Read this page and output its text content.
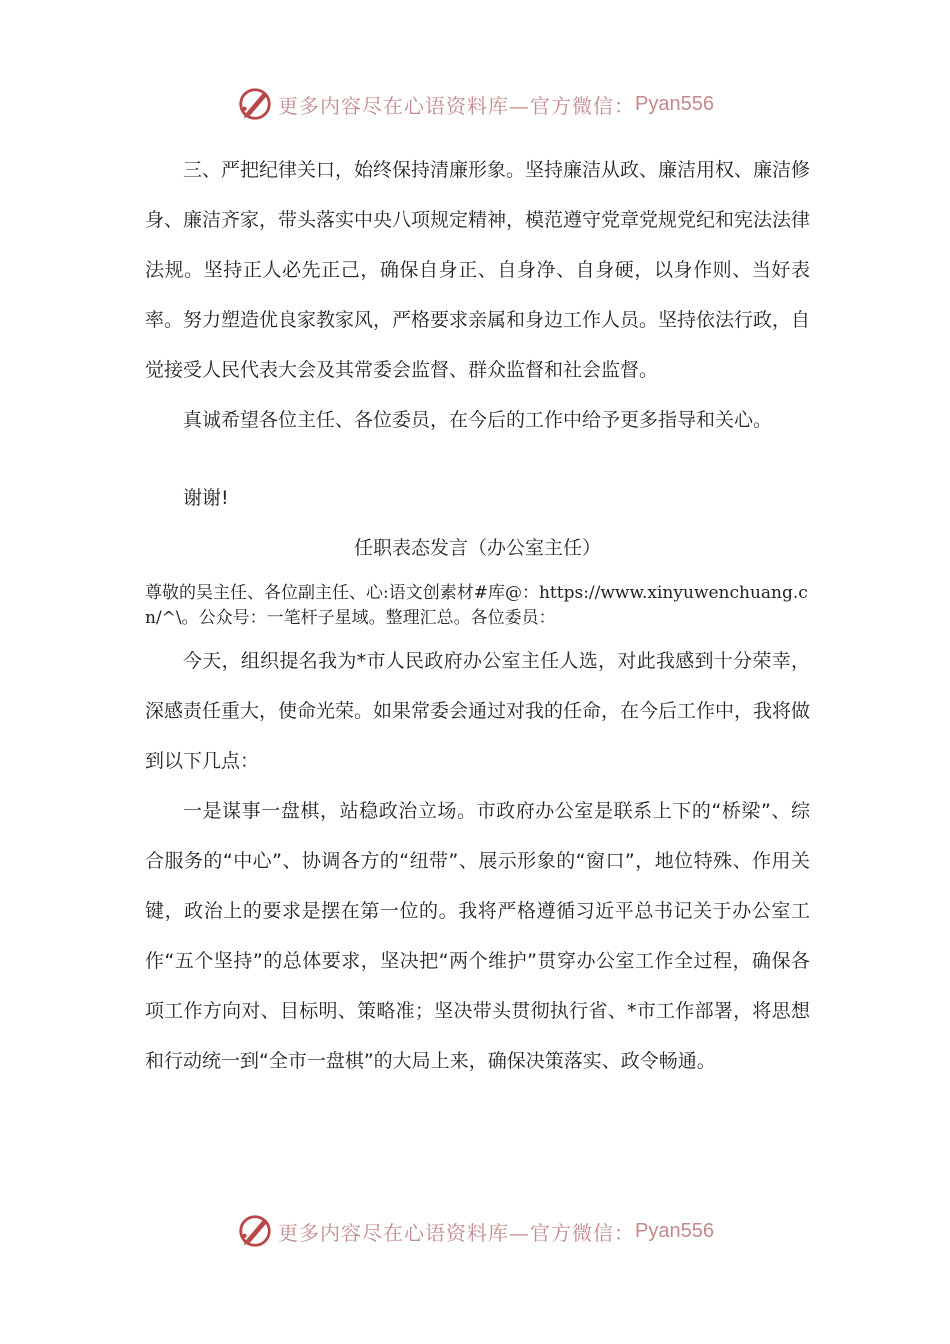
更多内容尽在心语资料库—官方微信： Pyan556

三、严把纪律关口，始终保持清廉形象。坚持廉洁从政、廉洁用权、廉洁修身、廉洁齐家，带头落实中央八项规定精神，模范遵守党章党规党纪和宪法法律法规。坚持正人必先正己，确保自身正、自身净、自身硬，以身作则、当好表率。努力塑造优良家教家风，严格要求亲属和身边工作人员。坚持依法行政，自觉接受人民代表大会及其常委会监督、群众监督和社会监督。

真诚希望各位主任、各位委员，在今后的工作中给予更多指导和关心。

谢谢!

任职表态发言（办公室主任）

尊敬的吴主任、各位副主任、心:语文创素材#库@：https://www.xinyuwenchuang.cn/^\。公众号：一笔杆子星域。整理汇总。各位委员：

今天，组织提名我为*市人民政府办公室主任人选，对此我感到十分荣幸，深感责任重大，使命光荣。如果常委会通过对我的任命，在今后工作中，我将做到以下几点：

一是谋事一盘棋，站稳政治立场。市政府办公室是联系上下的“桥梁”、综合服务的“中心”、协调各方的“纽带”、展示形象的“窗口”，地位特殊、作用关键，政治上的要求是摆在第一位的。我将严格遵循习近平总书记关于办公室工作“五个坚持”的总体要求，坚决把“两个维护”贯穿办公室工作全过程，确保各项工作方向对、目标明、策略准；坚决带头贯彻执行省、*市工作部署，将思想和行动统一到“全市一盘棋”的大局上来，确保决策落实、政令畅通。

更多内容尽在心语资料库—官方微信： Pyan556
